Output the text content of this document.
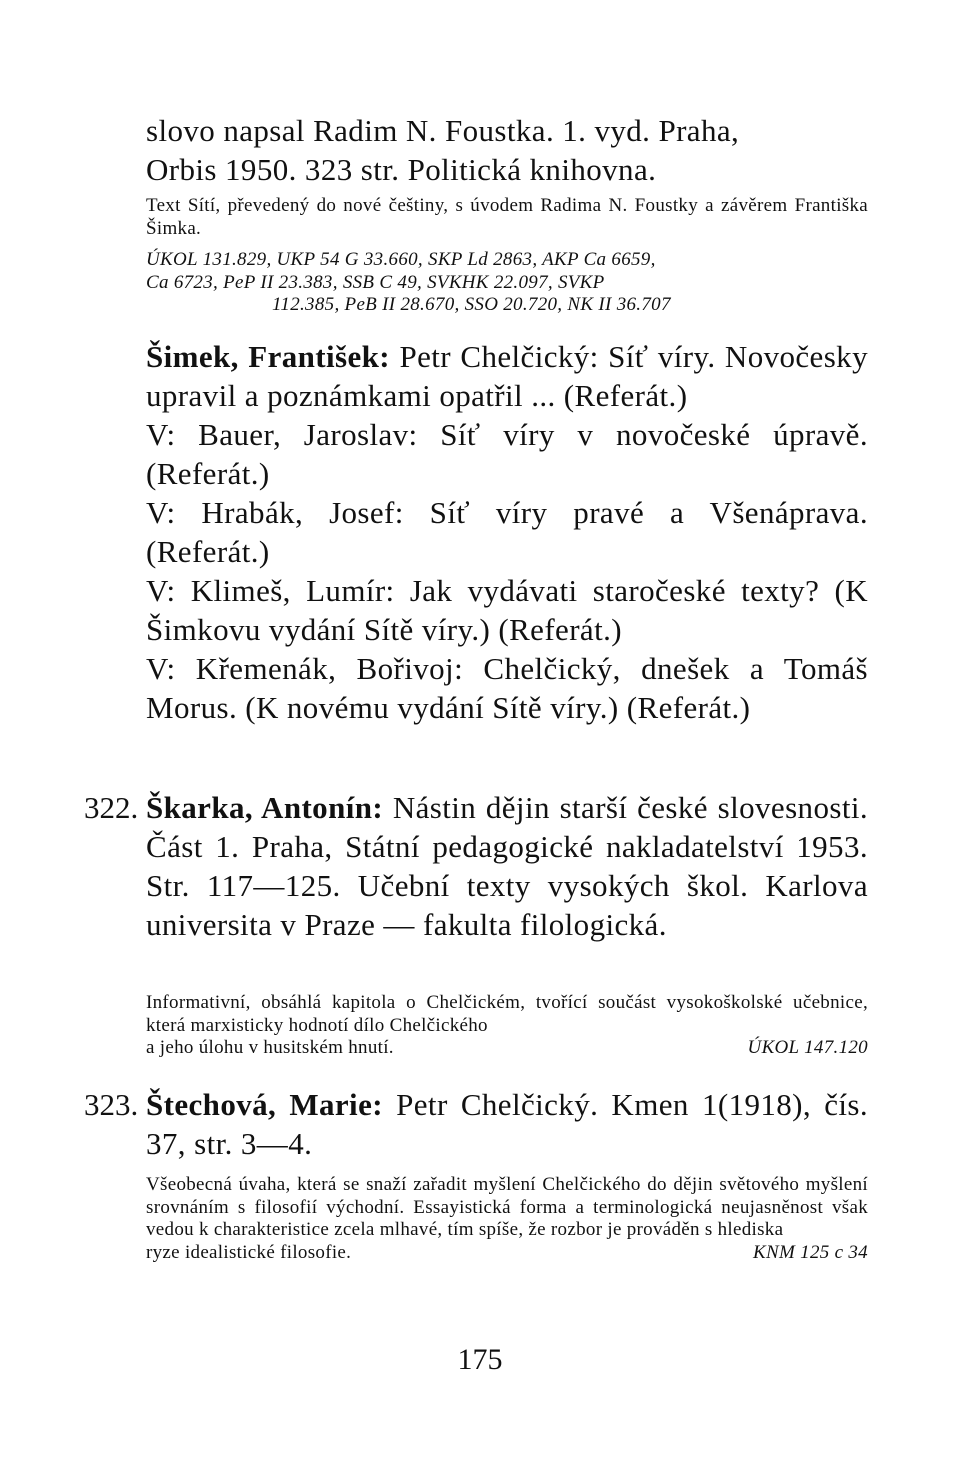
slovo napsal Radim N. Foustka. 1. vyd. Praha,
Orbis 1950. 323 str. Politická knihovna.
Text Sítí, převedený do nové češtiny, s úvodem Radima N. Foustky a závěrem Františka Šimka.
ÚKOL 131.829, UKP 54 G 33.660, SKP Ld 2863, AKP Ca 6659,
Ca 6723, PeP II 23.383, SSB C 49, SVKHK 22.097, SVKP
112.385, PeB II 28.670, SSO 20.720, NK II 36.707
Šimek, František: Petr Chelčický: Síť víry. Novočesky upravil a poznámkami opatřil ... (Referát.)
V: Bauer, Jaroslav: Síť víry v novočeské úpravě. (Referát.)
V: Hrabák, Josef: Síť víry pravé a Všenáprava. (Referát.)
V: Klimeš, Lumír: Jak vydávati staročeské texty? (K Šimkovu vydání Sítě víry.) (Referát.)
V: Křemenák, Bořivoj: Chelčický, dnešek a Tomáš Morus. (K novému vydání Sítě víry.) (Referát.)
322. Škarka, Antonín: Nástin dějin starší české slovesnosti. Část 1. Praha, Státní pedagogické nakladatelství 1953. Str. 117—125. Učební texty vysokých škol. Karlova universita v Praze — fakulta filologická.
Informativní, obsáhlá kapitola o Chelčickém, tvořící součást vysokoškolské učebnice, která marxisticky hodnotí dílo Chelčického
a jeho úlohu v husitském hnutí.	ÚKOL 147.120
323. Štechová, Marie: Petr Chelčický. Kmen 1(1918), čís. 37, str. 3—4.
Všeobecná úvaha, která se snaží zařadit myšlení Chelčického do dějin světového myšlení srovnáním s filosofií východní. Essayistická forma a terminologická neujasněnost však vedou k charakteristice zcela mlhavé, tím spíše, že rozbor je prováděn s hlediska
ryze idealistické filosofie.	KNM 125 c 34
175
